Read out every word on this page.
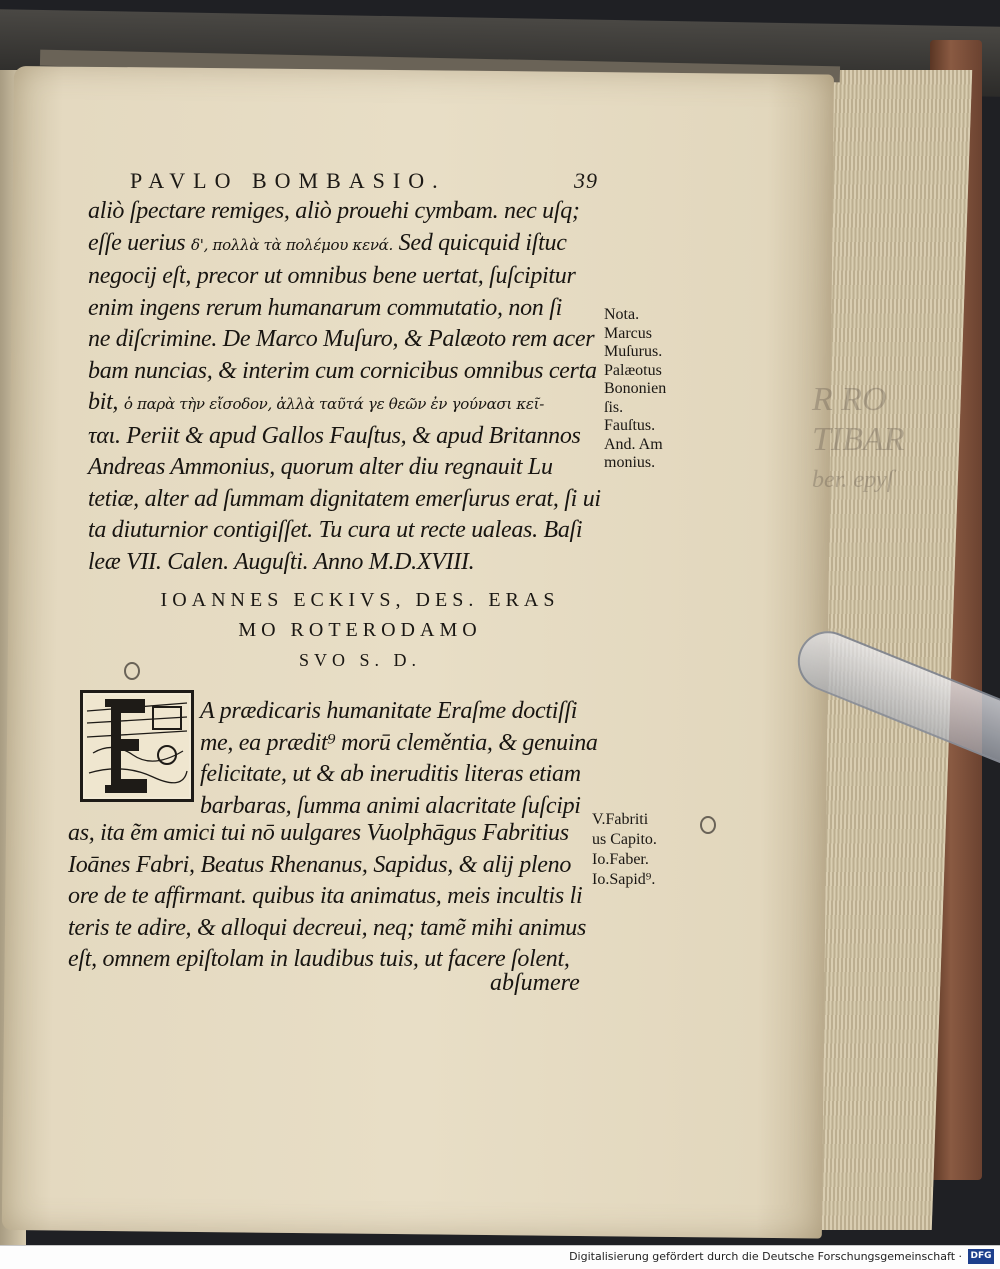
R RO
TIBAR
ber. epyſ
PAVLO BOMBASIO.	39
aliò ſpectare remiges, aliò prouehi cymbam. nec uſq;
eſſe uerius δ', πολλὰ τὰ πολέμου κενά. Sed quicquid iſtuc
negocij eſt, precor ut omnibus bene uertat, ſuſcipitur
enim ingens rerum humanarum commutatio, non ſi
ne diſcrimine. De Marco Muſuro, & Palæoto rem acer
bam nuncias, & interim cum cornicibus omnibus certa
bit, ὁ παρὰ τὴν εἴσοδον, ἀλλὰ ταῦτά γε θεῶν ἐν γούνασι κεῖ-
ται. Periit & apud Gallos Fauſtus, & apud Britannos
Andreas Ammonius, quorum alter diu regnauit Lu
tetiæ, alter ad ſummam dignitatem emerſurus erat, ſi ui
ta diuturnior contigiſſet. Tu cura ut recte ualeas. Baſi
leæ VII. Calen. Auguſti. Anno M.D.XVIII.
Nota.
Marcus
Muſurus.
Palæotus
Bononien
ſis.
Fauſtus.
And. Am
monius.
IOANNES ECKIVS, DES. ERAS
MO ROTERODAMO
SVO S. D.
A prædicaris humanitate Eraſme doctiſſi
me, ea prædit⁹ morū cleměntia, & genuina
felicitate, ut & ab ineruditis literas etiam
barbaras, ſumma animi alacritate ſuſcipi
as, ita ẽm amici tui nō uulgares Vuolphāgus Fabritius
Ioānes Fabri, Beatus Rhenanus, Sapidus, & alij pleno
ore de te affirmant. quibus ita animatus, meis incultis li
teris te adire, & alloqui decreui, neq; tamẽ mihi animus
eſt, omnem epiſtolam in laudibus tuis, ut facere ſolent,
abſumere
V.Fabriti
us Capito.
Io.Faber.
Io.Sapid⁹.
Digitalisierung gefördert durch die Deutsche Forschungsgemeinschaft · DFG
